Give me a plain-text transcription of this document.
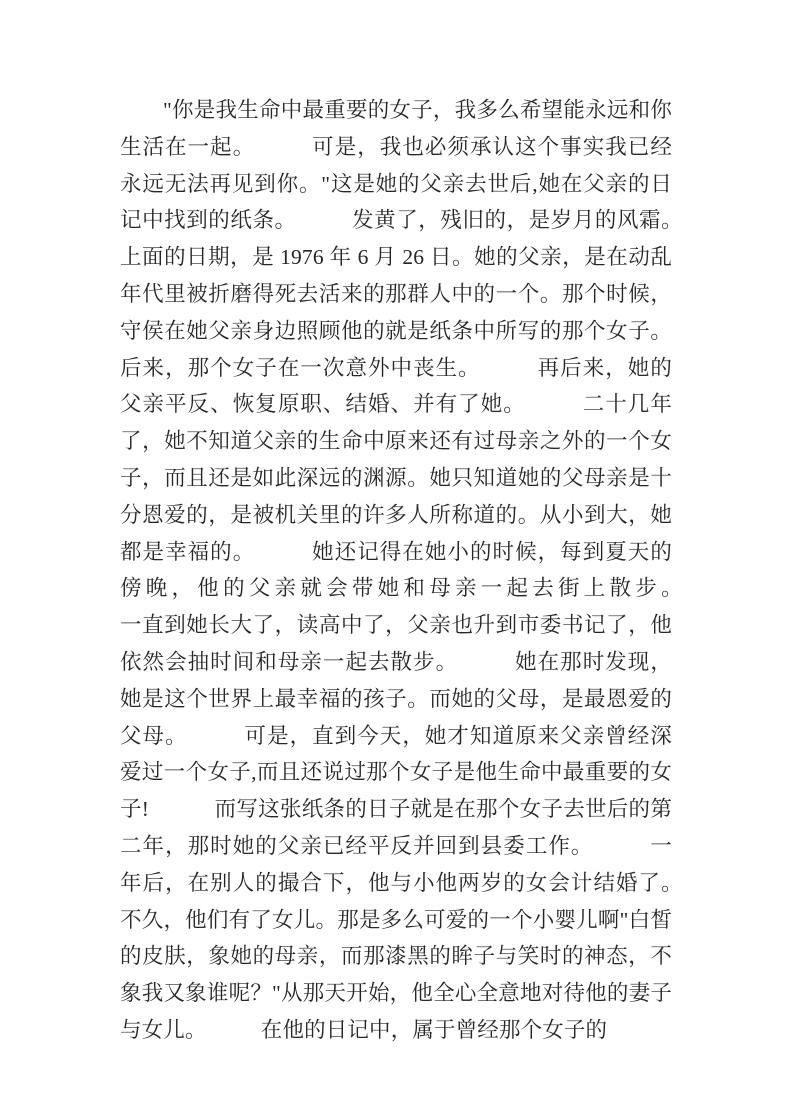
"你是我生命中最重要的女子，我多么希望能永远和你生活在一起。　　　可是，我也必须承认这个事实我已经永远无法再见到你。"这是她的父亲去世后,她在父亲的日记中找到的纸条。　　　发黄了，残旧的，是岁月的风霜。　　　上面的日期，是 1976 年 6 月 26 日。她的父亲，是在动乱年代里被折磨得死去活来的那群人中的一个。那个时候，守侯在她父亲身边照顾他的就是纸条中所写的那个女子。后来，那个女子在一次意外中丧生。　　　再后来，她的父亲平反、恢复原职、结婚、并有了她。　　　二十几年了，她不知道父亲的生命中原来还有过母亲之外的一个女子，而且还是如此深远的渊源。她只知道她的父母亲是十分恩爱的，是被机关里的许多人所称道的。从小到大，她都是幸福的。　　　她还记得在她小的时候，每到夏天的傍晚，他的父亲就会带她和母亲一起去街上散步。　　　一直到她长大了，读高中了，父亲也升到市委书记了，他依然会抽时间和母亲一起去散步。　　　她在那时发现，她是这个世界上最幸福的孩子。而她的父母，是最恩爱的父母。　　　可是，直到今天，她才知道原来父亲曾经深爱过一个女子,而且还说过那个女子是他生命中最重要的女子!　　　而写这张纸条的日子就是在那个女子去世后的第二年，那时她的父亲已经平反并回到县委工作。　　　一年后，在别人的撮合下，他与小他两岁的女会计结婚了。　　　不久，他们有了女儿。那是多么可爱的一个小婴儿啊"白皙的皮肤，象她的母亲，而那漆黑的眸子与笑时的神态，不象我又象谁呢？"从那天开始，他全心全意地对待他的妻子与女儿。　　　在他的日记中，属于曾经那个女子的
